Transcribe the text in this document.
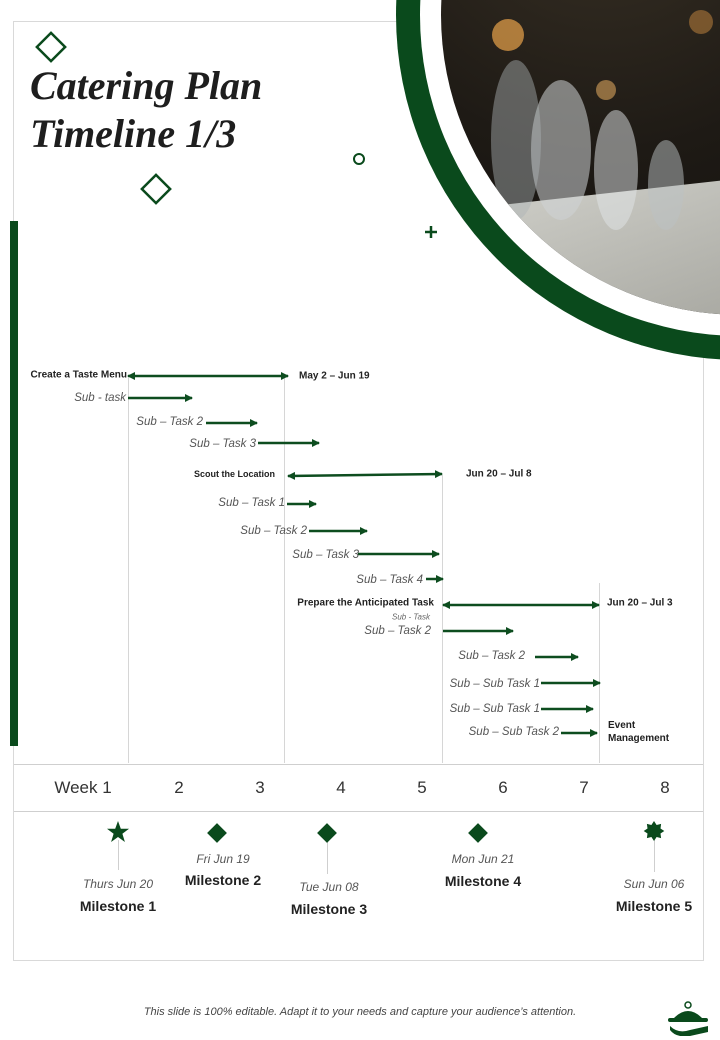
Catering Plan
Timeline 1/3
Create a Taste Menu	May 2 – Jun 19
Sub - task
Sub – Task 2
Sub – Task 3
Scout the Location	Jun 20 – Jul 8
Sub – Task 1
Sub – Task 2
Sub – Task 3
Sub – Task 4
Prepare the Anticipated Task
Sub - Task
Jun 20 – Jul 3
Sub – Task 2
Sub – Task 2
Sub – Sub Task 1
Sub – Sub Task 1
Sub – Sub Task 2
Event Management
Week 1	2	3	4	5	6	7	8
Thurs Jun 20
Milestone 1
Fri Jun 19
Milestone 2	Tue Jun 08
Milestone 3
Mon Jun 21
Milestone 4	Sun Jun 06
Milestone 5
This slide is 100% editable. Adapt it to your needs and capture your audience’s attention.
